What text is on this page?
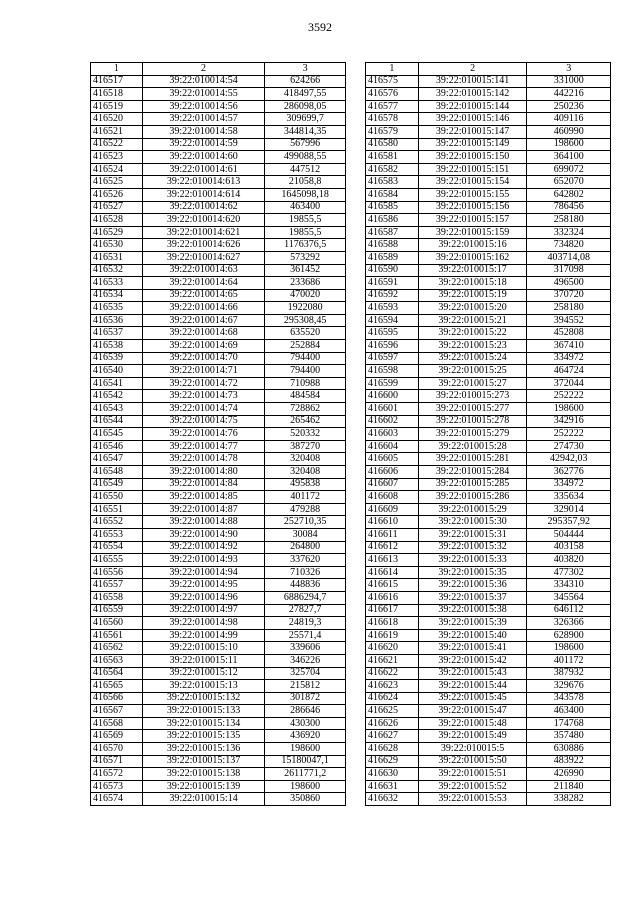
3592
1	2	3
416517	39:22:010014:54	624266
416518	39:22:010014:55	418497,55
416519	39:22:010014:56	286098,05
416520	39:22:010014:57	309699,7
416521	39:22:010014:58	344814,35
416522	39:22:010014:59	567996
416523	39:22:010014:60	499088,55
416524	39:22:010014:61	447512
416525	39:22:010014:613	21058,8
416526	39:22:010014:614	1645098,18
416527	39:22:010014:62	463400
416528	39:22:010014:620	19855,5
416529	39:22:010014:621	19855,5
416530	39:22:010014:626	1176376,5
416531	39:22:010014:627	573292
416532	39:22:010014:63	361452
416533	39:22:010014:64	233686
416534	39:22:010014:65	470020
416535	39:22:010014:66	1922080
416536	39:22:010014:67	295308,45
416537	39:22:010014:68	635520
416538	39:22:010014:69	252884
416539	39:22:010014:70	794400
416540	39:22:010014:71	794400
416541	39:22:010014:72	710988
416542	39:22:010014:73	484584
416543	39:22:010014:74	728862
416544	39:22:010014:75	265462
416545	39:22:010014:76	520332
416546	39:22:010014:77	387270
416547	39:22:010014:78	320408
416548	39:22:010014:80	320408
416549	39:22:010014:84	495838
416550	39:22:010014:85	401172
416551	39:22:010014:87	479288
416552	39:22:010014:88	252710,35
416553	39:22:010014:90	30084
416554	39:22:010014:92	264800
416555	39:22:010014:93	337620
416556	39:22:010014:94	710326
416557	39:22:010014:95	448836
416558	39:22:010014:96	6886294,7
416559	39:22:010014:97	27827,7
416560	39:22:010014:98	24819,3
416561	39:22:010014:99	25571,4
416562	39:22:010015:10	339606
416563	39:22:010015:11	346226
416564	39:22:010015:12	325704
416565	39:22:010015:13	215812
416566	39:22:010015:132	301872
416567	39:22:010015:133	286646
416568	39:22:010015:134	430300
416569	39:22:010015:135	436920
416570	39:22:010015:136	198600
416571	39:22:010015:137	15180047,1
416572	39:22:010015:138	2611771,2
416573	39:22:010015:139	198600
416574	39:22:010015:14	350860
1	2	3
416575	39:22:010015:141	331000
416576	39:22:010015:142	442216
416577	39:22:010015:144	250236
416578	39:22:010015:146	409116
416579	39:22:010015:147	460990
416580	39:22:010015:149	198600
416581	39:22:010015:150	364100
416582	39:22:010015:151	699072
416583	39:22:010015:154	652070
416584	39:22:010015:155	642802
416585	39:22:010015:156	786456
416586	39:22:010015:157	258180
416587	39:22:010015:159	332324
416588	39:22:010015:16	734820
416589	39:22:010015:162	403714,08
416590	39:22:010015:17	317098
416591	39:22:010015:18	496500
416592	39:22:010015:19	370720
416593	39:22:010015:20	258180
416594	39:22:010015:21	394552
416595	39:22:010015:22	452808
416596	39:22:010015:23	367410
416597	39:22:010015:24	334972
416598	39:22:010015:25	464724
416599	39:22:010015:27	372044
416600	39:22:010015:273	252222
416601	39:22:010015:277	198600
416602	39:22:010015:278	342916
416603	39:22:010015:279	252222
416604	39:22:010015:28	274730
416605	39:22:010015:281	42942,03
416606	39:22:010015:284	362776
416607	39:22:010015:285	334972
416608	39:22:010015:286	335634
416609	39:22:010015:29	329014
416610	39:22:010015:30	295357,92
416611	39:22:010015:31	504444
416612	39:22:010015:32	403158
416613	39:22:010015:33	403820
416614	39:22:010015:35	477302
416615	39:22:010015:36	334310
416616	39:22:010015:37	345564
416617	39:22:010015:38	646112
416618	39:22:010015:39	326366
416619	39:22:010015:40	628900
416620	39:22:010015:41	198600
416621	39:22:010015:42	401172
416622	39:22:010015:43	387932
416623	39:22:010015:44	329676
416624	39:22:010015:45	343578
416625	39:22:010015:47	463400
416626	39:22:010015:48	174768
416627	39:22:010015:49	357480
416628	39:22:010015:5	630886
416629	39:22:010015:50	483922
416630	39:22:010015:51	426990
416631	39:22:010015:52	211840
416632	39:22:010015:53	338282
